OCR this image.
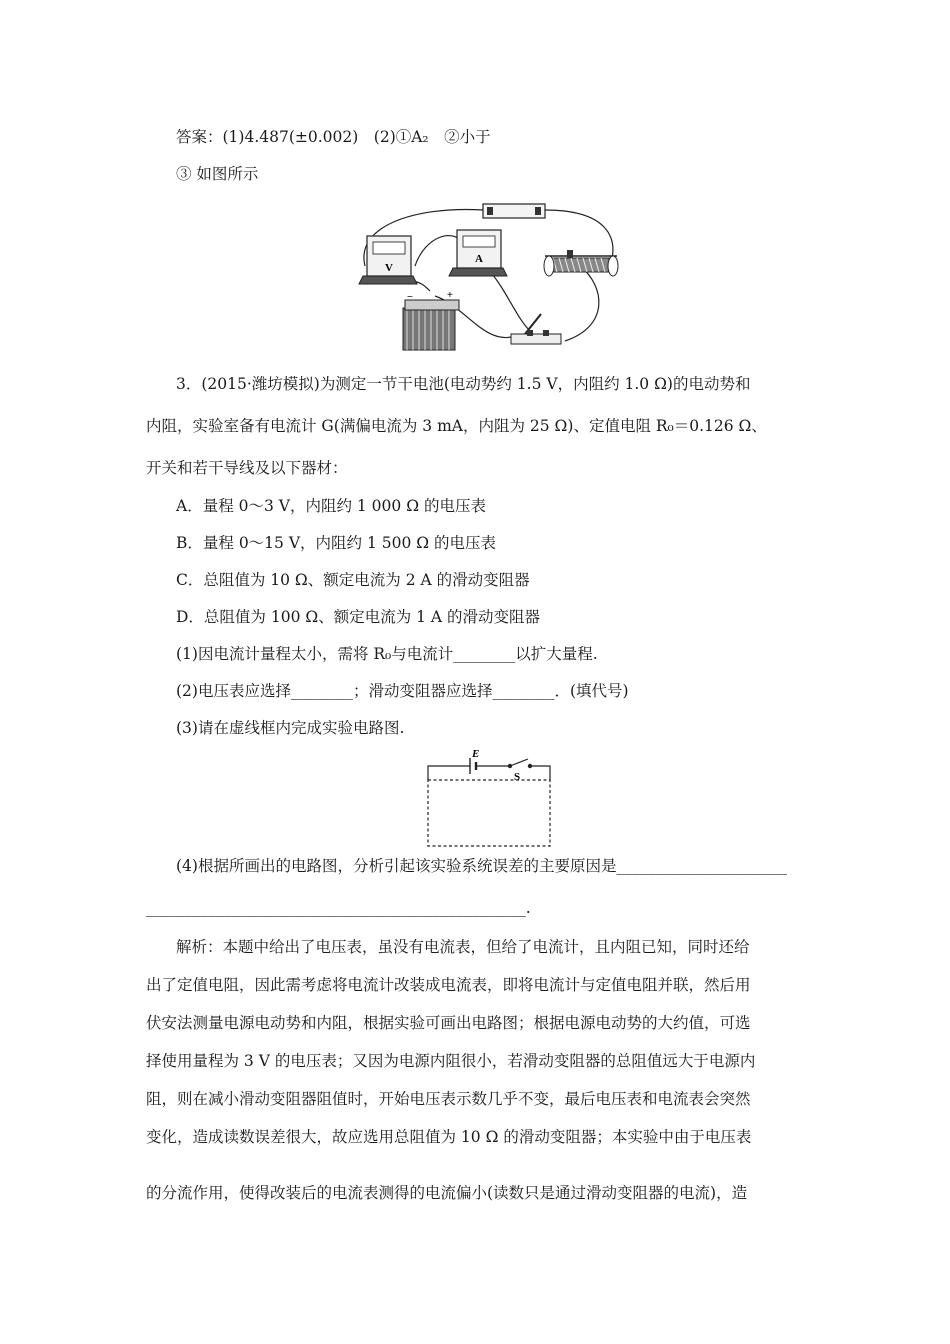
答案：(1)4.487(±0.002)　(2)①A₂　②小于
③ 如图所示
V
A
−	+
3．(2015·潍坊模拟)为测定一节干电池(电动势约 1.5 V，内阻约 1.0 Ω)的电动势和
内阻，实验室备有电流计 G(满偏电流为 3 mA，内阻为 25 Ω)、定值电阻 R₀＝0.126 Ω、
开关和若干导线及以下器材：
A．量程 0～3 V，内阻约 1 000 Ω 的电压表
B．量程 0～15 V，内阻约 1 500 Ω 的电压表
C．总阻值为 10 Ω、额定电流为 2 A 的滑动变阻器
D．总阻值为 100 Ω、额定电流为 1 A 的滑动变阻器
(1)因电流计量程太小，需将 R₀与电流计________以扩大量程.
(2)电压表应选择________；滑动变阻器应选择________．(填代号)
(3)请在虚线框内完成实验电路图.
E
S
(4)根据所画出的电路图，分析引起该实验系统误差的主要原因是______________________
_________________________________________________.
解析：本题中给出了电压表，虽没有电流表，但给了电流计，且内阻已知，同时还给
出了定值电阻，因此需考虑将电流计改装成电流表，即将电流计与定值电阻并联，然后用
伏安法测量电源电动势和内阻，根据实验可画出电路图；根据电源电动势的大约值，可选
择使用量程为 3 V 的电压表；又因为电源内阻很小，若滑动变阻器的总阻值远大于电源内
阻，则在减小滑动变阻器阻值时，开始电压表示数几乎不变，最后电压表和电流表会突然
变化，造成读数误差很大，故应选用总阻值为 10 Ω 的滑动变阻器；本实验中由于电压表
的分流作用，使得改装后的电流表测得的电流偏小(读数只是通过滑动变阻器的电流)，造
